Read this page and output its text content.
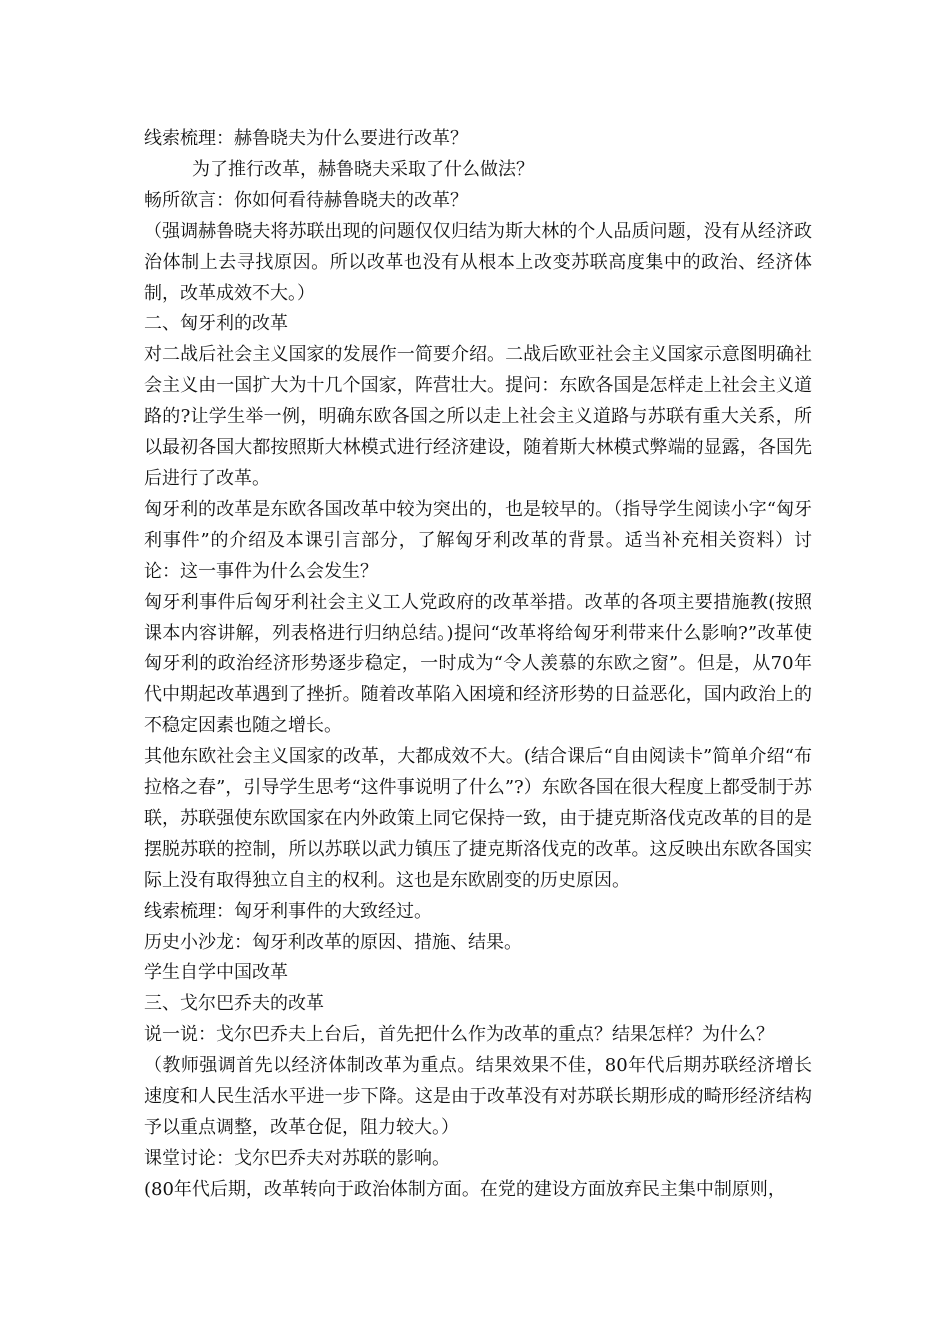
线索梳理：赫鲁晓夫为什么要进行改革？

为了推行改革，赫鲁晓夫采取了什么做法？

畅所欲言：你如何看待赫鲁晓夫的改革？

（强调赫鲁晓夫将苏联出现的问题仅仅归结为斯大林的个人品质问题，没有从经济政治体制上去寻找原因。所以改革也没有从根本上改变苏联高度集中的政治、经济体制，改革成效不大。）

二、匈牙利的改革

对二战后社会主义国家的发展作一简要介绍。二战后欧亚社会主义国家示意图明确社会主义由一国扩大为十几个国家，阵营壮大。提问：东欧各国是怎样走上社会主义道路的?让学生举一例，明确东欧各国之所以走上社会主义道路与苏联有重大关系，所以最初各国大都按照斯大林模式进行经济建设，随着斯大林模式弊端的显露，各国先后进行了改革。

匈牙利的改革是东欧各国改革中较为突出的，也是较早的。（指导学生阅读小字“匈牙利事件”的介绍及本课引言部分，了解匈牙利改革的背景。适当补充相关资料）讨论：这一事件为什么会发生？

匈牙利事件后匈牙利社会主义工人党政府的改革举措。改革的各项主要措施教(按照课本内容讲解，列表格进行归纳总结。)提问“改革将给匈牙利带来什么影响?”改革使匈牙利的政治经济形势逐步稳定，一时成为“令人羡慕的东欧之窗”。但是，从70年代中期起改革遇到了挫折。随着改革陷入困境和经济形势的日益恶化，国内政治上的不稳定因素也随之增长。

其他东欧社会主义国家的改革，大都成效不大。(结合课后“自由阅读卡”简单介绍“布拉格之春”，引导学生思考“这件事说明了什么”?）东欧各国在很大程度上都受制于苏联，苏联强使东欧国家在内外政策上同它保持一致，由于捷克斯洛伐克改革的目的是摆脱苏联的控制，所以苏联以武力镇压了捷克斯洛伐克的改革。这反映出东欧各国实际上没有取得独立自主的权利。这也是东欧剧变的历史原因。

线索梳理：匈牙利事件的大致经过。

历史小沙龙：匈牙利改革的原因、措施、结果。

学生自学中国改革

三、戈尔巴乔夫的改革

说一说：戈尔巴乔夫上台后，首先把什么作为改革的重点？结果怎样？为什么？

（教师强调首先以经济体制改革为重点。结果效果不佳，80年代后期苏联经济增长速度和人民生活水平进一步下降。这是由于改革没有对苏联长期形成的畸形经济结构予以重点调整，改革仓促，阻力较大。）

课堂讨论：戈尔巴乔夫对苏联的影响。

(80年代后期，改革转向于政治体制方面。在党的建设方面放弃民主集中制原则，
